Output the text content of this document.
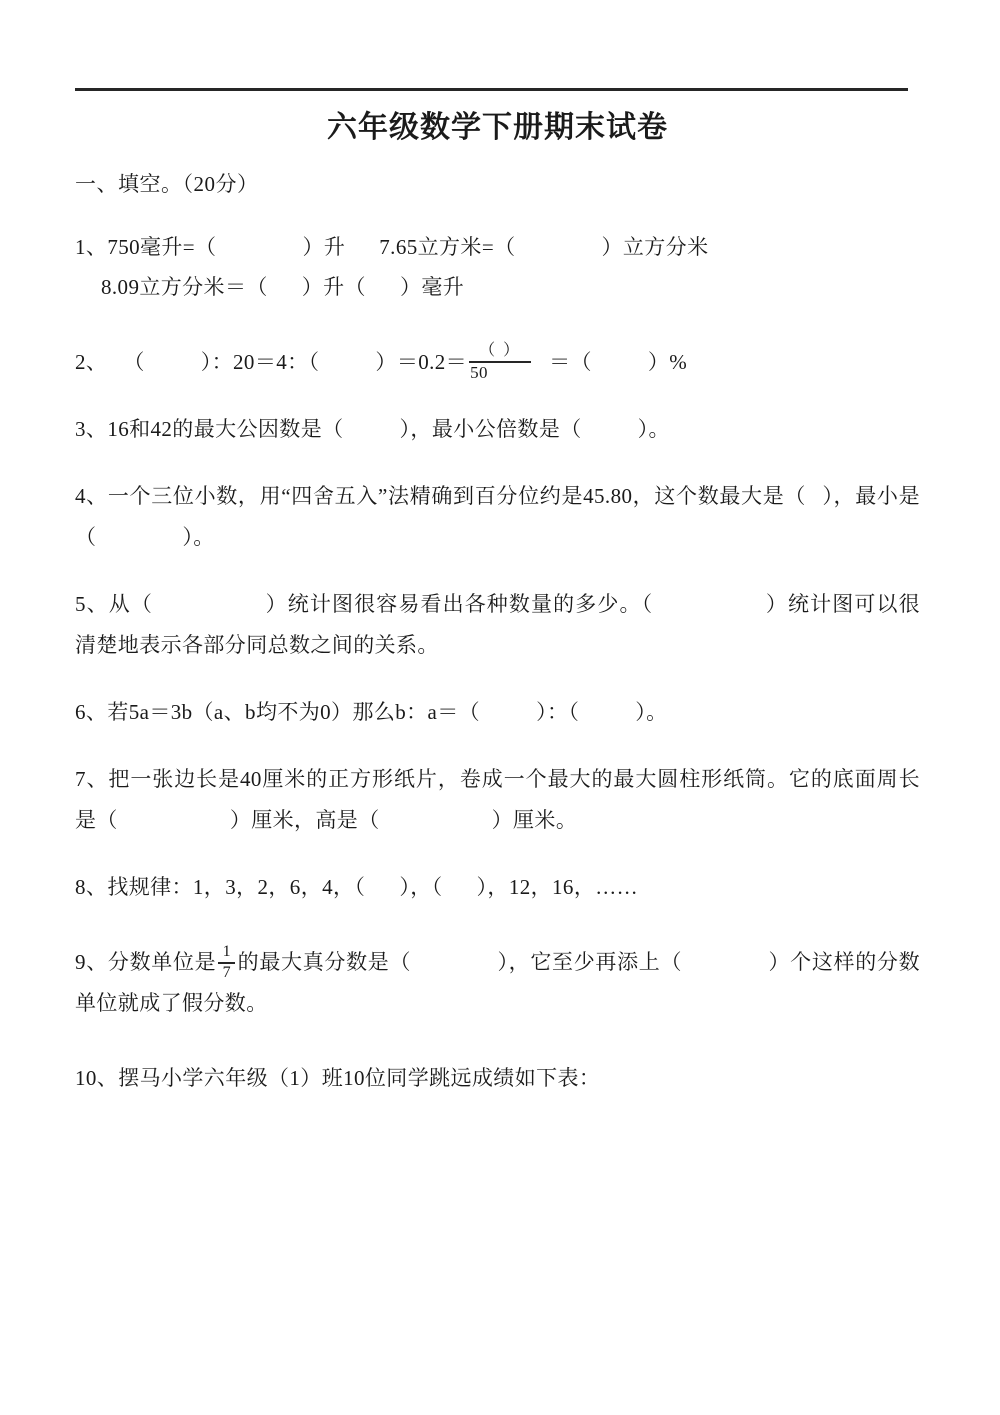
六年级数学下册期末试卷
一、填空。（20分）
1、750毫升=（	）升 7.65立方米=（	）立方分米
8.09立方分米＝（ ）升（ ）毫升
2、 （	）：20＝4：（	）$=0.2= \frac{( )}{50}$ ＝（	）%
3、16和42的最大公因数是（	），最小公倍数是（	）。
4、一个三位小数，用“四舍五入”法精确到百分位约是45.80，这个数最大是（ ），最小是（	）。
5、从（	）统计图很容易看出各种数量的多少。（	）统计图可以很清楚地表示各部分同总数之间的关系。
6、若5a＝3b（a、b均不为0）那么b：a＝（	）：（	）。
7、把一张边长是40厘米的正方形纸片，卷成一个最大的最大圆柱形纸筒。它的底面周长是（	）厘米，高是（	）厘米。
8、找规律：1，3，2，6，4，（ ），（ ），12，16，……
9、分数单位是 $\frac{1}{7}$ 的最大真分数是（	），它至少再添上（	）个这样的分数单位就成了假分数。
10、摆马小学六年级（1）班10位同学跳远成绩如下表：
